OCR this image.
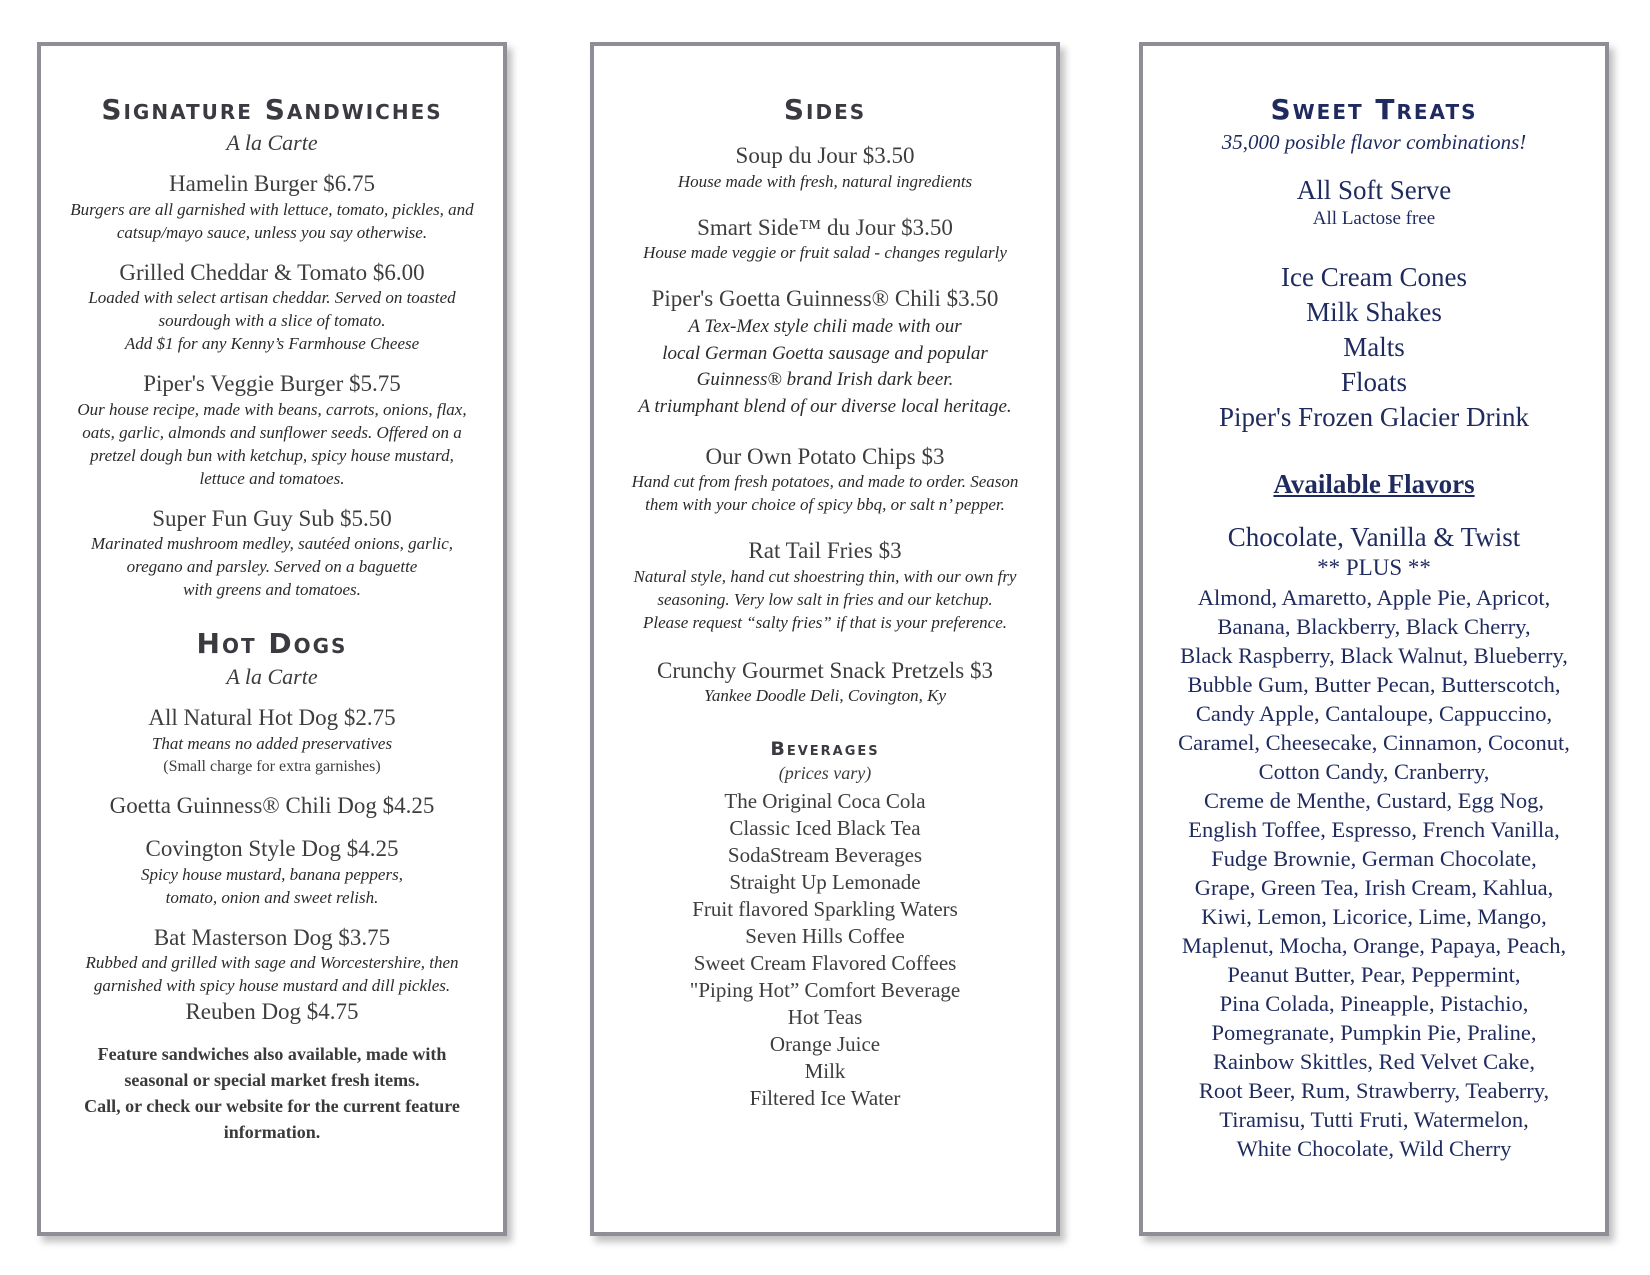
Signature Sandwiches
A la Carte
Hamelin Burger $6.75
Burgers are all garnished with lettuce, tomato, pickles, and
catsup/mayo sauce, unless you say otherwise.
Grilled Cheddar & Tomato $6.00
Loaded with select artisan cheddar. Served on toasted
sourdough with a slice of tomato.
Add $1 for any Kenny’s Farmhouse Cheese
Piper's Veggie Burger $5.75
Our house recipe, made with beans, carrots, onions, flax,
oats, garlic, almonds and sunflower seeds. Offered on a
pretzel dough bun with ketchup, spicy house mustard,
lettuce and tomatoes.
Super Fun Guy Sub $5.50
Marinated mushroom medley, sautéed onions, garlic,
oregano and parsley. Served on a baguette
with greens and tomatoes.
Hot Dogs
A la Carte
All Natural Hot Dog $2.75
That means no added preservatives
(Small charge for extra garnishes)
Goetta Guinness® Chili Dog $4.25
Covington Style Dog $4.25
Spicy house mustard, banana peppers,
tomato, onion and sweet relish.
Bat Masterson Dog $3.75
Rubbed and grilled with sage and Worcestershire, then
garnished with spicy house mustard and dill pickles.
Reuben Dog $4.75
Feature sandwiches also available, made with
seasonal or special market fresh items.
Call, or check our website for the current feature
information.
Sides
Soup du Jour $3.50
House made with fresh, natural ingredients
Smart Side™ du Jour $3.50
House made veggie or fruit salad - changes regularly
Piper's Goetta Guinness® Chili $3.50
A Tex-Mex style chili made with our
local German Goetta sausage and popular
Guinness® brand Irish dark beer.
A triumphant blend of our diverse local heritage.
Our Own Potato Chips $3
Hand cut from fresh potatoes, and made to order. Season
them with your choice of spicy bbq, or salt n’ pepper.
Rat Tail Fries $3
Natural style, hand cut shoestring thin, with our own fry
seasoning. Very low salt in fries and our ketchup.
Please request “salty fries” if that is your preference.
Crunchy Gourmet Snack Pretzels $3
Yankee Doodle Deli, Covington, Ky
Beverages
(prices vary)
The Original Coca Cola
Classic Iced Black Tea
SodaStream Beverages
Straight Up Lemonade
Fruit flavored Sparkling Waters
Seven Hills Coffee
Sweet Cream Flavored Coffees
"Piping Hot” Comfort Beverage
Hot Teas
Orange Juice
Milk
Filtered Ice Water
Sweet Treats
35,000 posible flavor combinations!
All Soft Serve
All Lactose free
Ice Cream Cones
Milk Shakes
Malts
Floats
Piper's Frozen Glacier Drink
Available Flavors
Chocolate, Vanilla & Twist
** PLUS **
Almond, Amaretto, Apple Pie, Apricot,
Banana, Blackberry, Black Cherry,
Black Raspberry, Black Walnut, Blueberry,
Bubble Gum, Butter Pecan, Butterscotch,
Candy Apple, Cantaloupe, Cappuccino,
Caramel, Cheesecake, Cinnamon, Coconut,
Cotton Candy, Cranberry,
Creme de Menthe, Custard, Egg Nog,
English Toffee, Espresso, French Vanilla,
Fudge Brownie, German Chocolate,
Grape, Green Tea, Irish Cream, Kahlua,
Kiwi, Lemon, Licorice, Lime, Mango,
Maplenut, Mocha, Orange, Papaya, Peach,
Peanut Butter, Pear, Peppermint,
Pina Colada, Pineapple, Pistachio,
Pomegranate, Pumpkin Pie, Praline,
Rainbow Skittles, Red Velvet Cake,
Root Beer, Rum, Strawberry, Teaberry,
Tiramisu, Tutti Fruti, Watermelon,
White Chocolate, Wild Cherry
